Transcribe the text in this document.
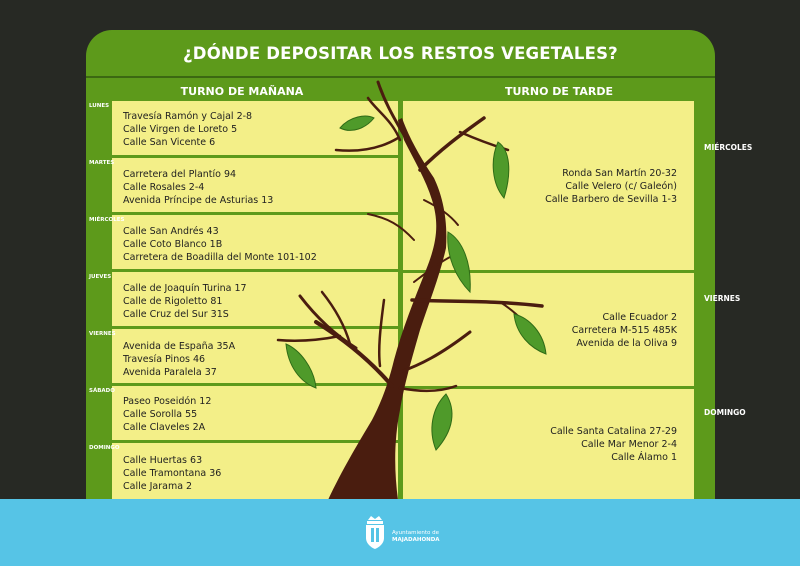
¿DÓNDE DEPOSITAR LOS RESTOS VEGETALES?
TURNO DE MAÑANA	TURNO DE TARDE
LUNES
Travesía Ramón y Cajal 2-8
Calle Virgen de Loreto 5
Calle San Vicente 6
MARTES
Carretera del Plantío 94
Calle Rosales 2-4
Avenida Príncipe de Asturias 13
MIÉRCOLES
Calle San Andrés 43
Calle Coto Blanco 1B
Carretera de Boadilla del Monte 101-102
JUEVES
Calle de Joaquín Turina 17
Calle de Rigoletto 81
Calle Cruz del Sur 31S
VIERNES
Avenida de España 35A
Travesía Pinos 46
Avenida Paralela 37
SÁBADO
Paseo Poseidón 12
Calle Sorolla 55
Calle Claveles 2A
DOMINGO
Calle Huertas 63
Calle Tramontana 36
Calle Jarama 2
MIÉRCOLES
VIERNES
DOMINGO
Ronda San Martín 20-32
Calle Velero (c/ Galeón)
Calle Barbero de Sevilla 1-3
Calle Ecuador 2
Carretera M-515 485K
Avenida de la Oliva 9
Calle Santa Catalina 27-29
Calle Mar Menor 2-4
Calle Álamo 1
Ayuntamiento de
MAJADAHONDA
